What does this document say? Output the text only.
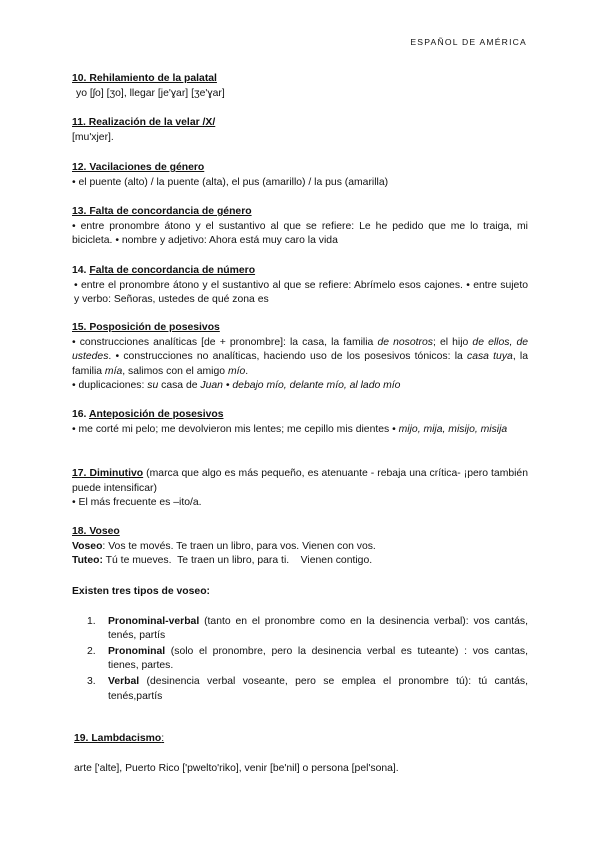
ESPAÑOL DE AMÉRICA
10. Rehilamiento de la palatal
yo [ʃo] [ʒo], llegar [je'ɣar] [ʒe'ɣar]
11. Realización de la velar /X/
[mu'xjer].
12. Vacilaciones de género
• el puente (alto) / la puente (alta), el pus (amarillo) / la pus (amarilla)
13. Falta de concordancia de género
• entre pronombre átono y el sustantivo al que se refiere: Le he pedido que me lo traiga, mi bicicleta. • nombre y adjetivo: Ahora está muy caro la vida
14. Falta de concordancia de número
• entre el pronombre átono y el sustantivo al que se refiere: Abrímelo esos cajones. • entre sujeto y verbo: Señoras, ustedes de qué zona es
15. Posposición de posesivos
• construcciones analíticas [de + pronombre]: la casa, la familia de nosotros; el hijo de ellos, de ustedes. • construcciones no analíticas, haciendo uso de los posesivos tónicos: la casa tuya, la familia mía, salimos con el amigo mío.
• duplicaciones: su casa de Juan • debajo mío, delante mío, al lado mío
16. Anteposición de posesivos
• me corté mi pelo; me devolvieron mis lentes; me cepillo mis dientes • mijo, mija, misijo, misija
17. Diminutivo (marca que algo es más pequeño, es atenuante - rebaja una crítica- ¡pero también puede intensificar)
• El más frecuente es –ito/a.
18. Voseo
Voseo: Vos te movés. Te traen un libro, para vos. Vienen con vos.
Tuteo: Tú te mueves.  Te traen un libro, para ti.    Vienen contigo.
Existen tres tipos de voseo:
1. Pronominal-verbal (tanto en el pronombre como en la desinencia verbal): vos cantás, tenés, partís
2. Pronominal (solo el pronombre, pero la desinencia verbal es tuteante) : vos cantas, tienes, partes.
3. Verbal (desinencia verbal voseante, pero se emplea el pronombre tú): tú cantás, tenés,partís
19. Lambdacismo:
arte ['alte], Puerto Rico ['pwelto'riko], venir [be'nil] o persona [pel'sona].
